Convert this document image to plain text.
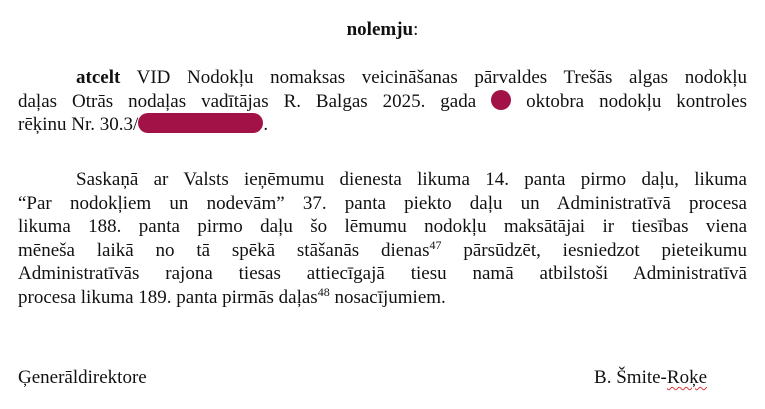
nolemju:
atcelt VID Nodokļu nomaksas veicināšanas pārvaldes Trešās algas nodokļu
daļas Otrās nodaļas vadītājas R. Balgas 2025. gada	oktobra nodokļu kontroles
rēķinu Nr. 30.3/	.
Saskaņā ar Valsts ieņēmumu dienesta likuma 14. panta pirmo daļu, likuma
“Par nodokļiem un nodevām” 37. panta piekto daļu un Administratīvā procesa
likuma 188. panta pirmo daļu šo lēmumu nodokļu maksātājai ir tiesības viena
mēneša laikā no tā spēkā stāšanās dienas$^{47}$ pārsūdzēt, iesniedzot pieteikumu
Administratīvās rajona tiesas attiecīgajā tiesu namā atbilstoši Administratīvā
procesa likuma 189. panta pirmās daļas$^{48}$ nosacījumiem.
Ģenerāldirektore	B. Šmite-Roķe
